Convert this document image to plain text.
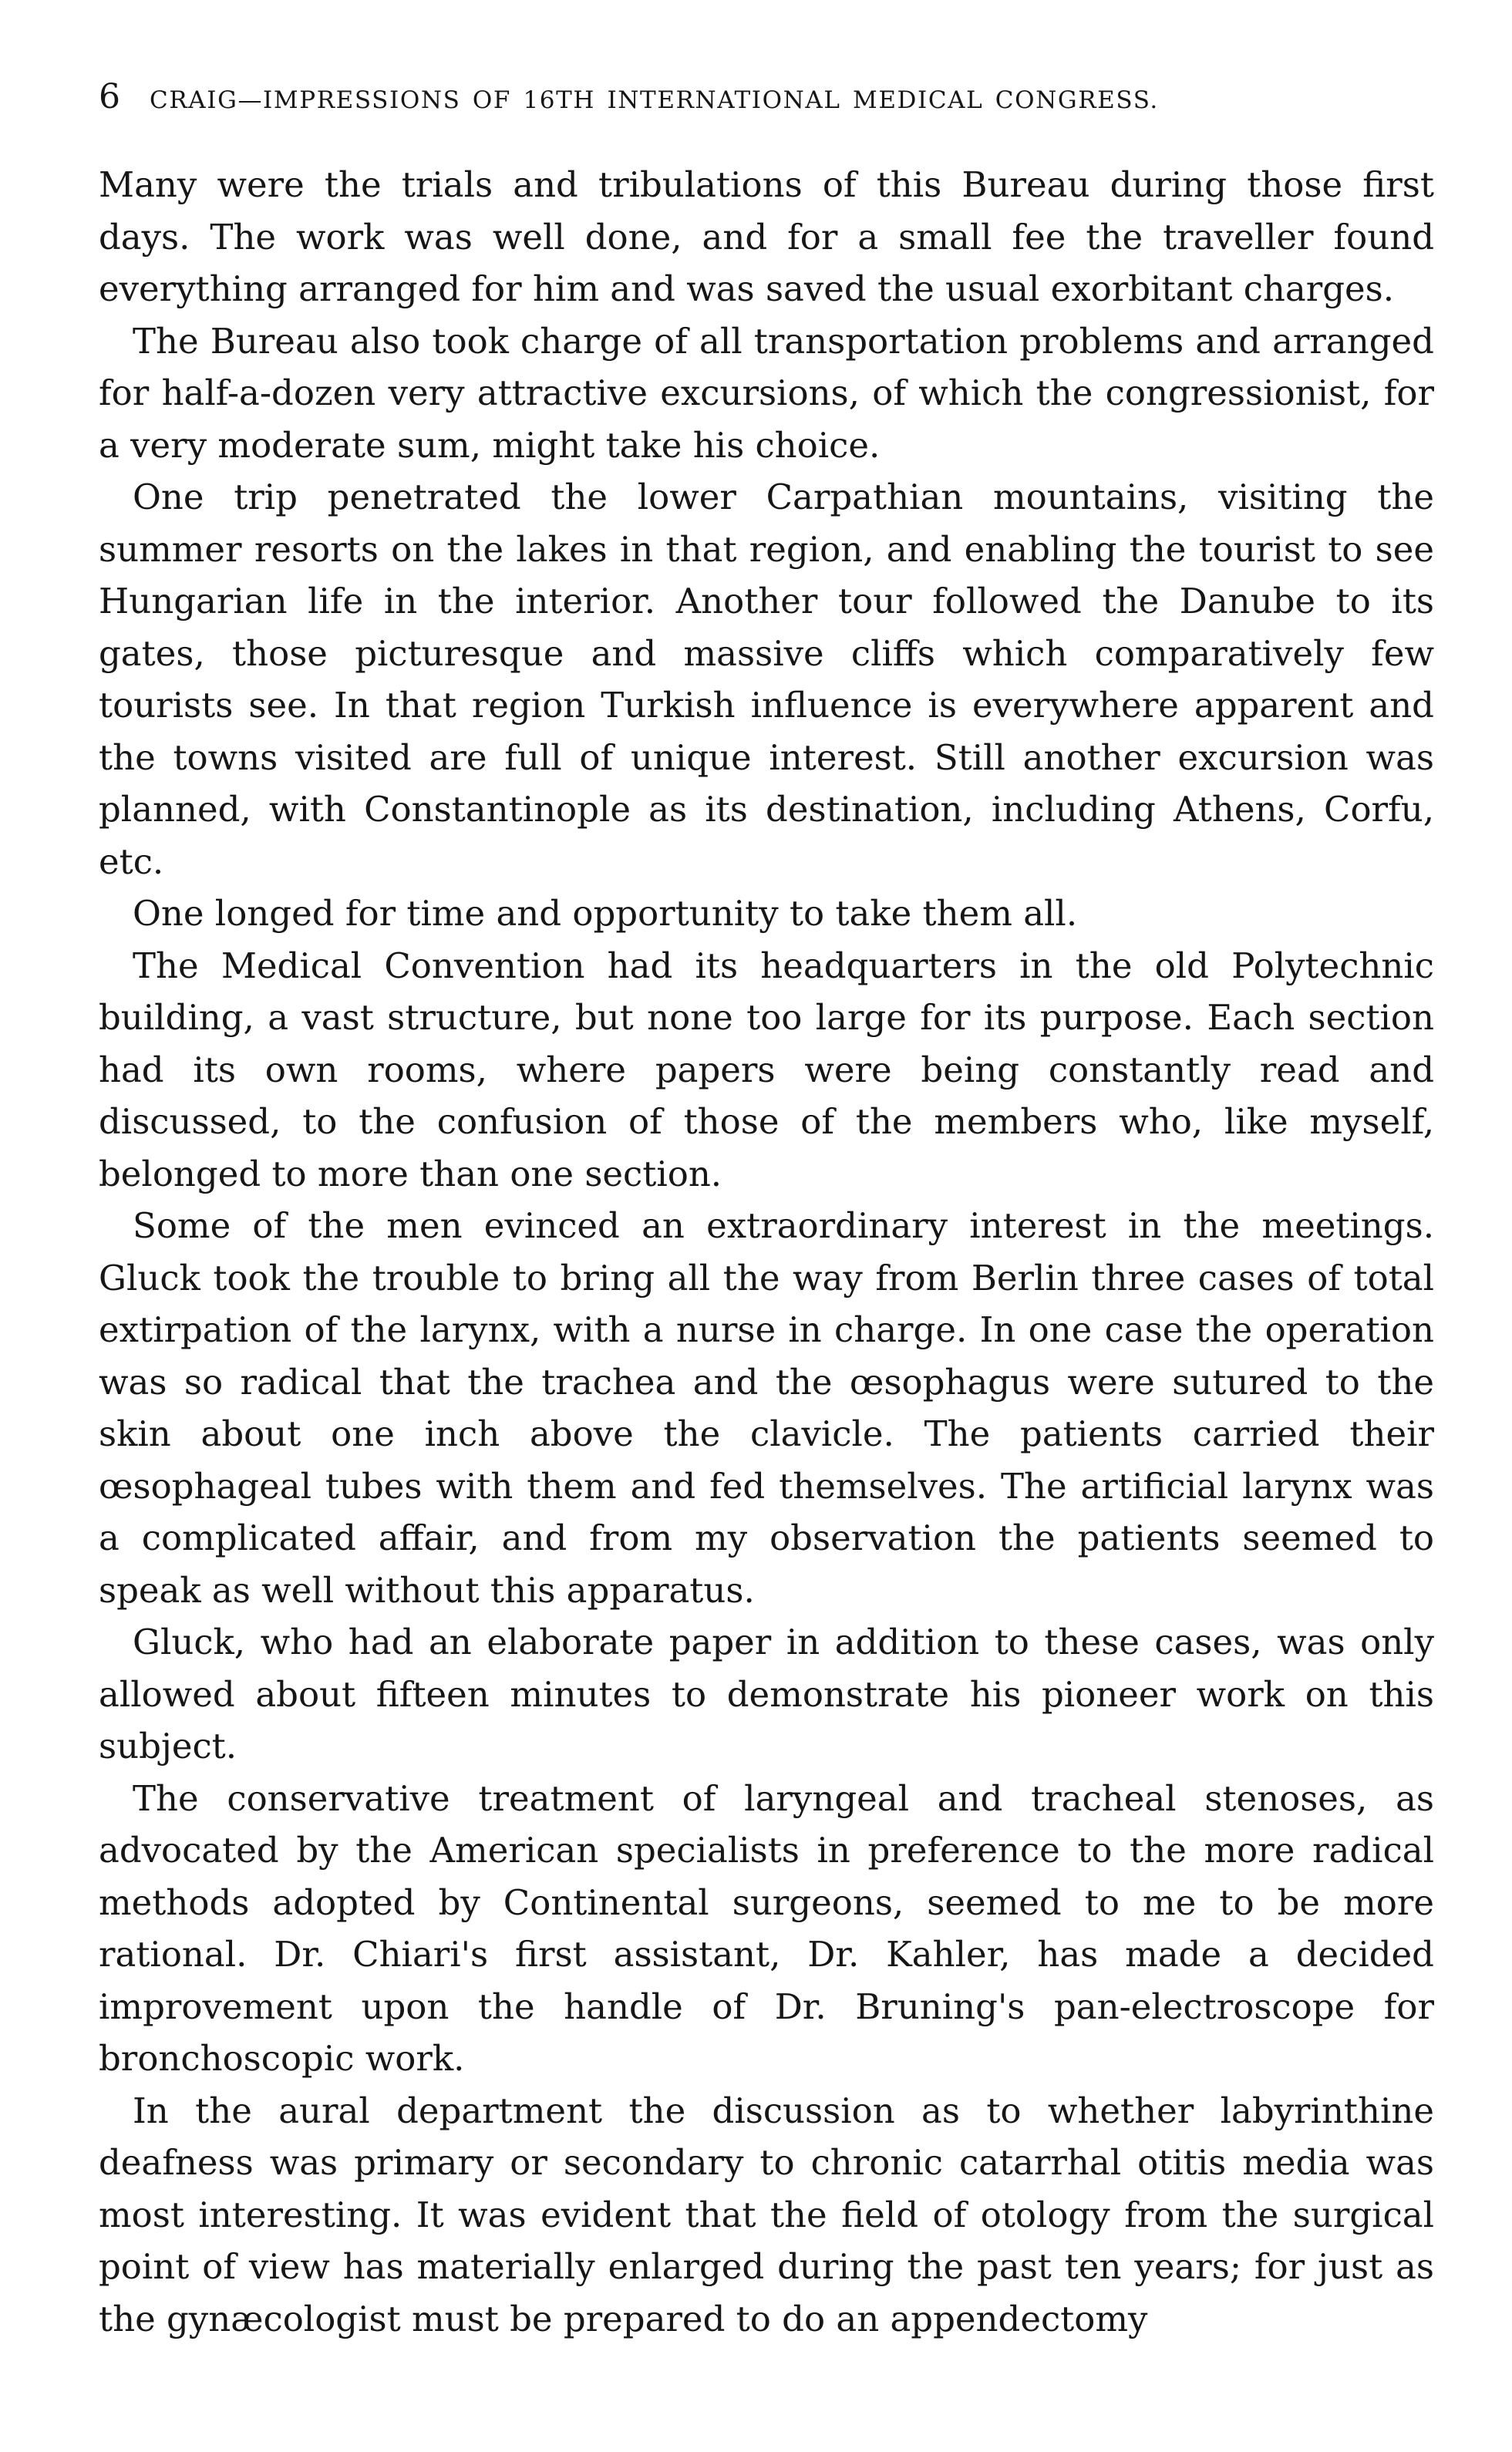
6	CRAIG—IMPRESSIONS OF 16TH INTERNATIONAL MEDICAL CONGRESS.

Many were the trials and tribulations of this Bureau during those first days. The work was well done, and for a small fee the traveller found everything arranged for him and was saved the usual exorbitant charges.

The Bureau also took charge of all transportation problems and arranged for half-a-dozen very attractive excursions, of which the congressionist, for a very moderate sum, might take his choice.

One trip penetrated the lower Carpathian mountains, visiting the summer resorts on the lakes in that region, and enabling the tourist to see Hungarian life in the interior. Another tour followed the Danube to its gates, those picturesque and massive cliffs which comparatively few tourists see. In that region Turkish influence is everywhere apparent and the towns visited are full of unique interest. Still another excursion was planned, with Constantinople as its destination, including Athens, Corfu, etc.

One longed for time and opportunity to take them all.

The Medical Convention had its headquarters in the old Polytechnic building, a vast structure, but none too large for its purpose. Each section had its own rooms, where papers were being constantly read and discussed, to the confusion of those of the members who, like myself, belonged to more than one section.

Some of the men evinced an extraordinary interest in the meetings. Gluck took the trouble to bring all the way from Berlin three cases of total extirpation of the larynx, with a nurse in charge. In one case the operation was so radical that the trachea and the œsophagus were sutured to the skin about one inch above the clavicle. The patients carried their œsophageal tubes with them and fed themselves. The artificial larynx was a complicated affair, and from my observation the patients seemed to speak as well without this apparatus.

Gluck, who had an elaborate paper in addition to these cases, was only allowed about fifteen minutes to demonstrate his pioneer work on this subject.

The conservative treatment of laryngeal and tracheal stenoses, as advocated by the American specialists in preference to the more radical methods adopted by Continental surgeons, seemed to me to be more rational. Dr. Chiari's first assistant, Dr. Kahler, has made a decided improvement upon the handle of Dr. Bruning's pan-electroscope for bronchoscopic work.

In the aural department the discussion as to whether labyrinthine deafness was primary or secondary to chronic catarrhal otitis media was most interesting. It was evident that the field of otology from the surgical point of view has materially enlarged during the past ten years; for just as the gynæcologist must be prepared to do an appendectomy
